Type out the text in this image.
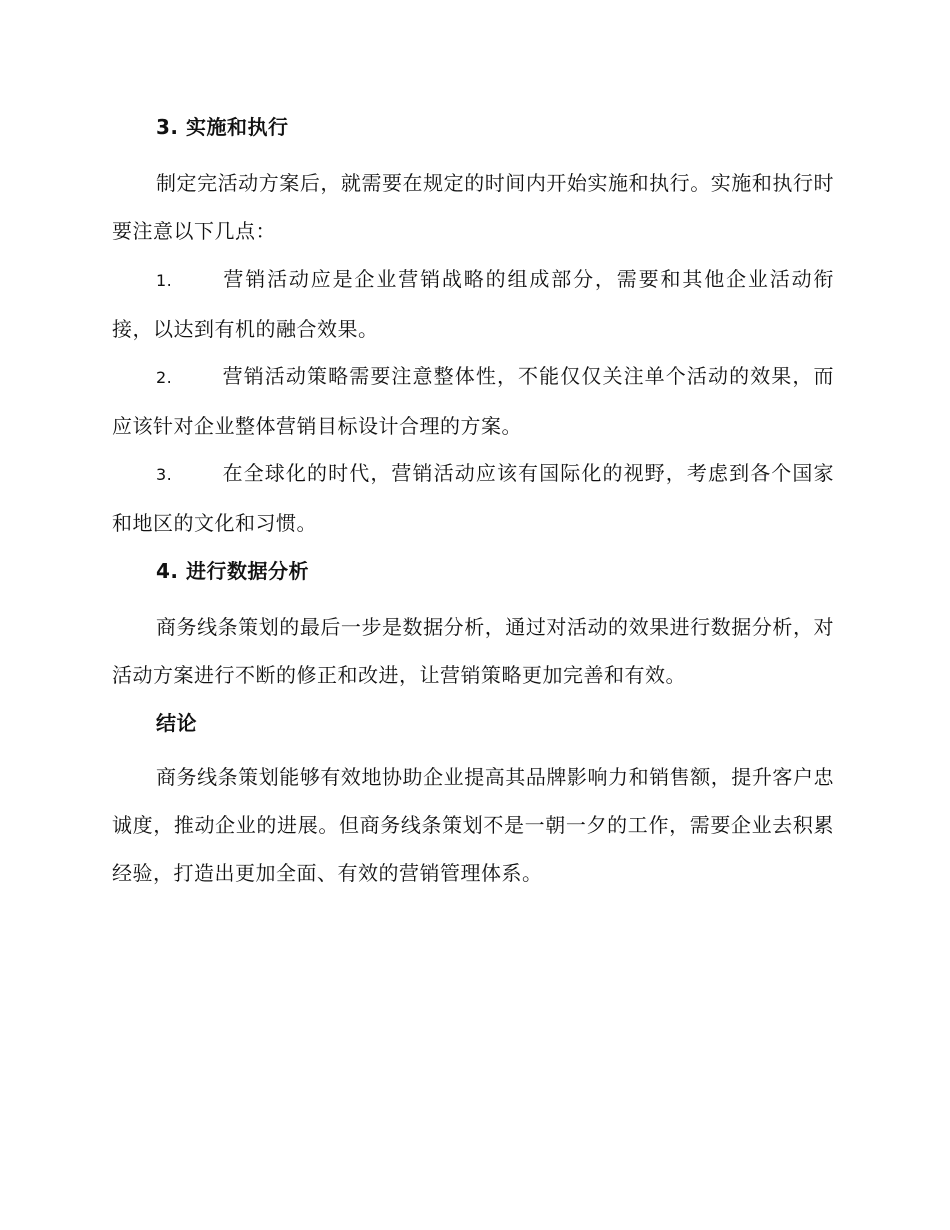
3. 实施和执行
制定完活动方案后，就需要在规定的时间内开始实施和执行。实施和执行时要注意以下几点：
1. 营销活动应是企业营销战略的组成部分，需要和其他企业活动衔接，以达到有机的融合效果。
2. 营销活动策略需要注意整体性，不能仅仅关注单个活动的效果，而应该针对企业整体营销目标设计合理的方案。
3. 在全球化的时代，营销活动应该有国际化的视野，考虑到各个国家和地区的文化和习惯。
4. 进行数据分析
商务线条策划的最后一步是数据分析，通过对活动的效果进行数据分析，对活动方案进行不断的修正和改进，让营销策略更加完善和有效。
结论
商务线条策划能够有效地协助企业提高其品牌影响力和销售额，提升客户忠诚度，推动企业的进展。但商务线条策划不是一朝一夕的工作，需要企业去积累经验，打造出更加全面、有效的营销管理体系。
